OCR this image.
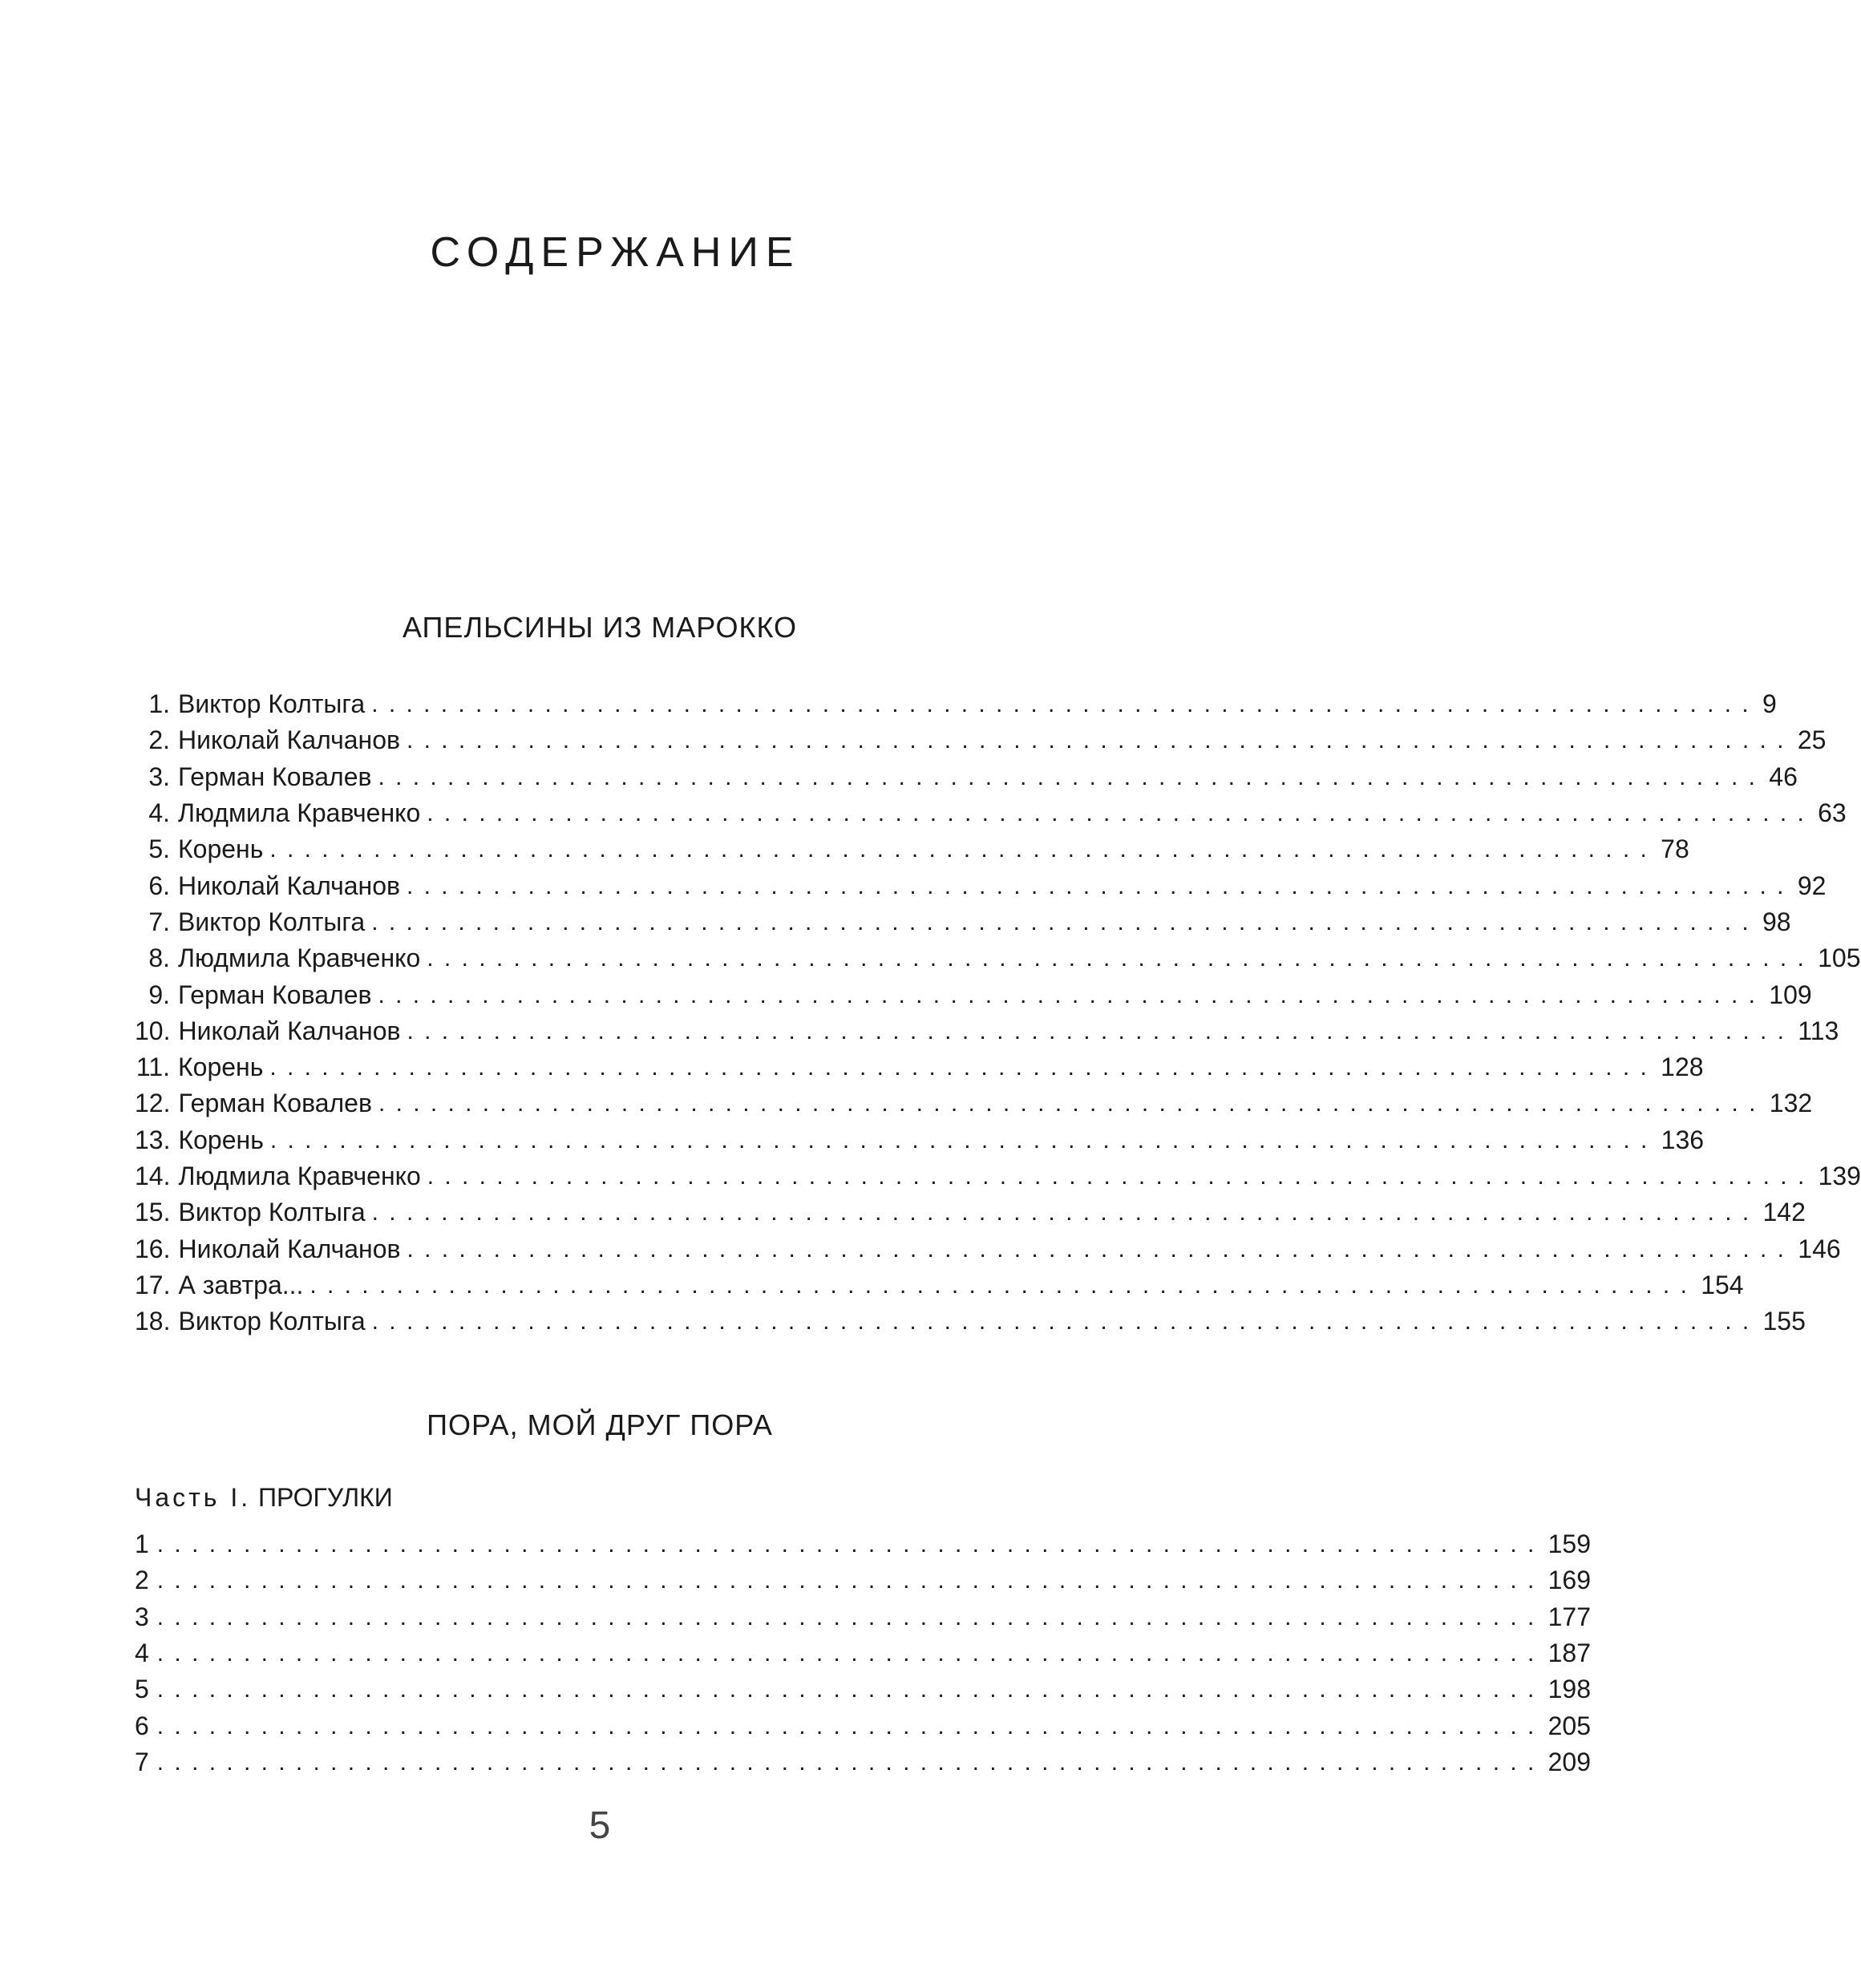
СОДЕРЖАНИЕ
АПЕЛЬСИНЫ ИЗ МАРОККО
1. Виктор Колтыга ................................................................................ 9
2. Николай Калчанов ................................................................................ 25
3. Герман Ковалев ................................................................................ 46
4. Людмила Кравченко ................................................................................ 63
5. Корень ................................................................................ 78
6. Николай Калчанов ................................................................................ 92
7. Виктор Колтыга ................................................................................ 98
8. Людмила Кравченко ................................................................................ 105
9. Герман Ковалев ................................................................................ 109
10. Николай Калчанов ................................................................................ 113
11. Корень ................................................................................ 128
12. Герман Ковалев ................................................................................ 132
13. Корень ................................................................................ 136
14. Людмила Кравченко ................................................................................ 139
15. Виктор Колтыга ................................................................................ 142
16. Николай Калчанов ................................................................................ 146
17. А завтра... ................................................................................ 154
18. Виктор Колтыга ................................................................................ 155
ПОРА, МОЙ ДРУГ ПОРА
Часть I. ПРОГУЛКИ
1 ................................................................................ 159
2 ................................................................................ 169
3 ................................................................................ 177
4 ................................................................................ 187
5 ................................................................................ 198
6 ................................................................................ 205
7 ................................................................................ 209
5
